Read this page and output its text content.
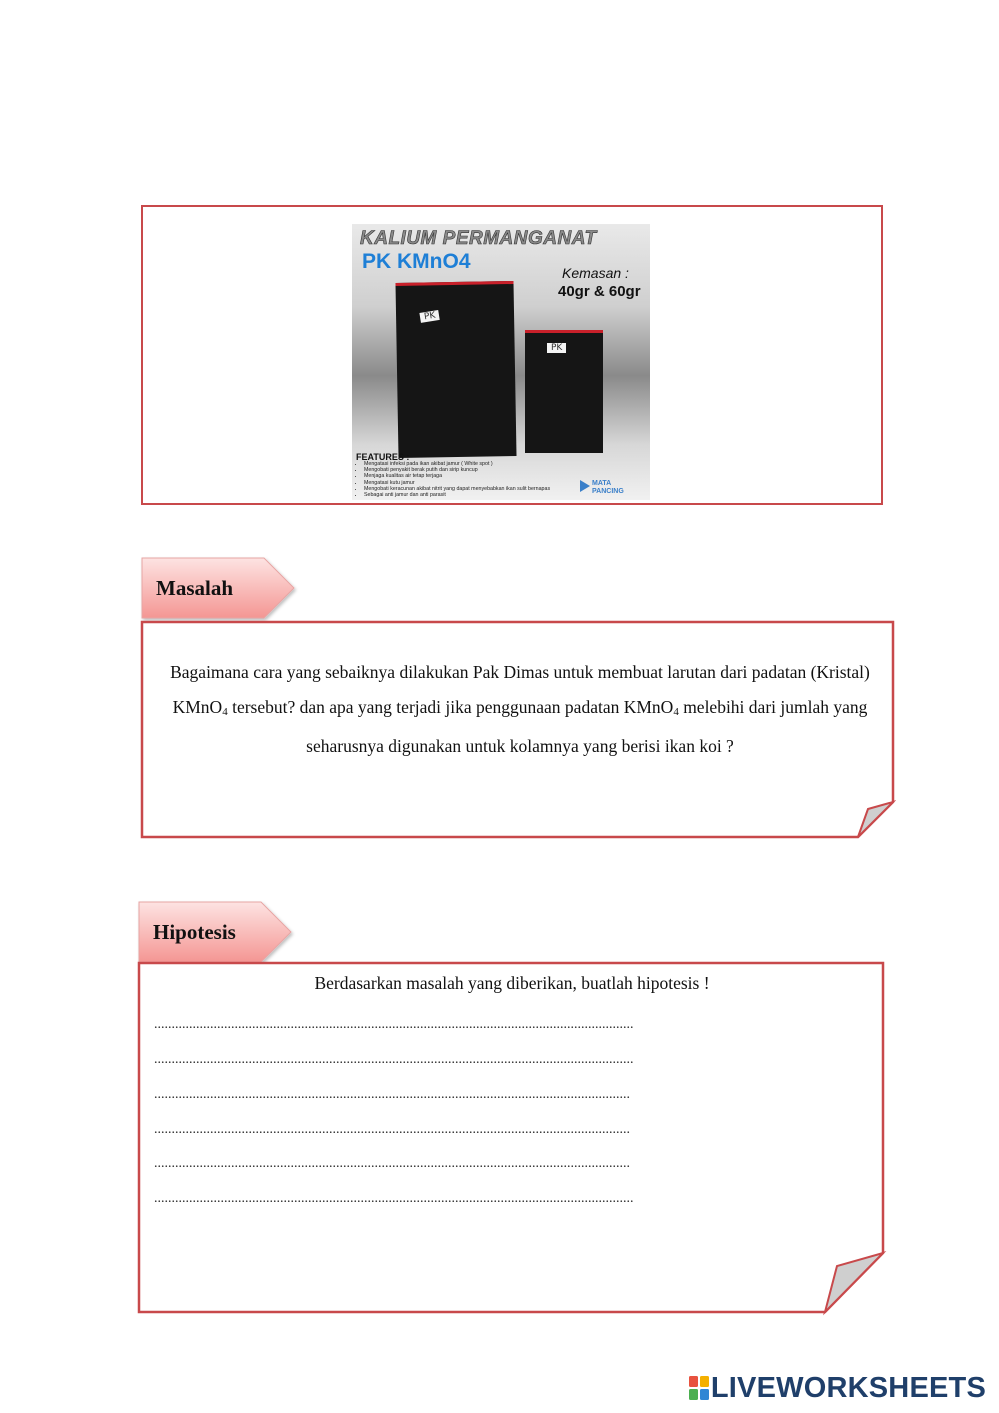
KALIUM PERMANGANAT
PK KMnO4	Kemasan :
40gr & 60gr
PK
PK
FEATURES :
• Mengatasi infeksi pada ikan akibat jamur ( White spot )
• Mengobati penyakit berak putih dan sirip kuncup
• Menjaga kualitas air tetap terjaga
• Mengatasi kutu jamur
• Mengobati keracunan akibat nitrit yang dapat menyebabkan ikan sulit bernapas
• Sebagai anti jamur dan anti parasit
MATA
PANCING
Masalah
Bagaimana cara yang sebaiknya dilakukan Pak Dimas untuk membuat larutan dari padatan (Kristal) KMnO$_4$ tersebut? dan apa yang terjadi jika penggunaan padatan KMnO$_4$ melebihi dari jumlah yang seharusnya digunakan untuk kolamnya yang berisi ikan koi ?
Hipotesis
Berdasarkan masalah yang diberikan, buatlah hipotesis !
.........................................................................................................................................
.........................................................................................................................................
........................................................................................................................................
........................................................................................................................................
........................................................................................................................................
.........................................................................................................................................
LIVEWORKSHEETS
